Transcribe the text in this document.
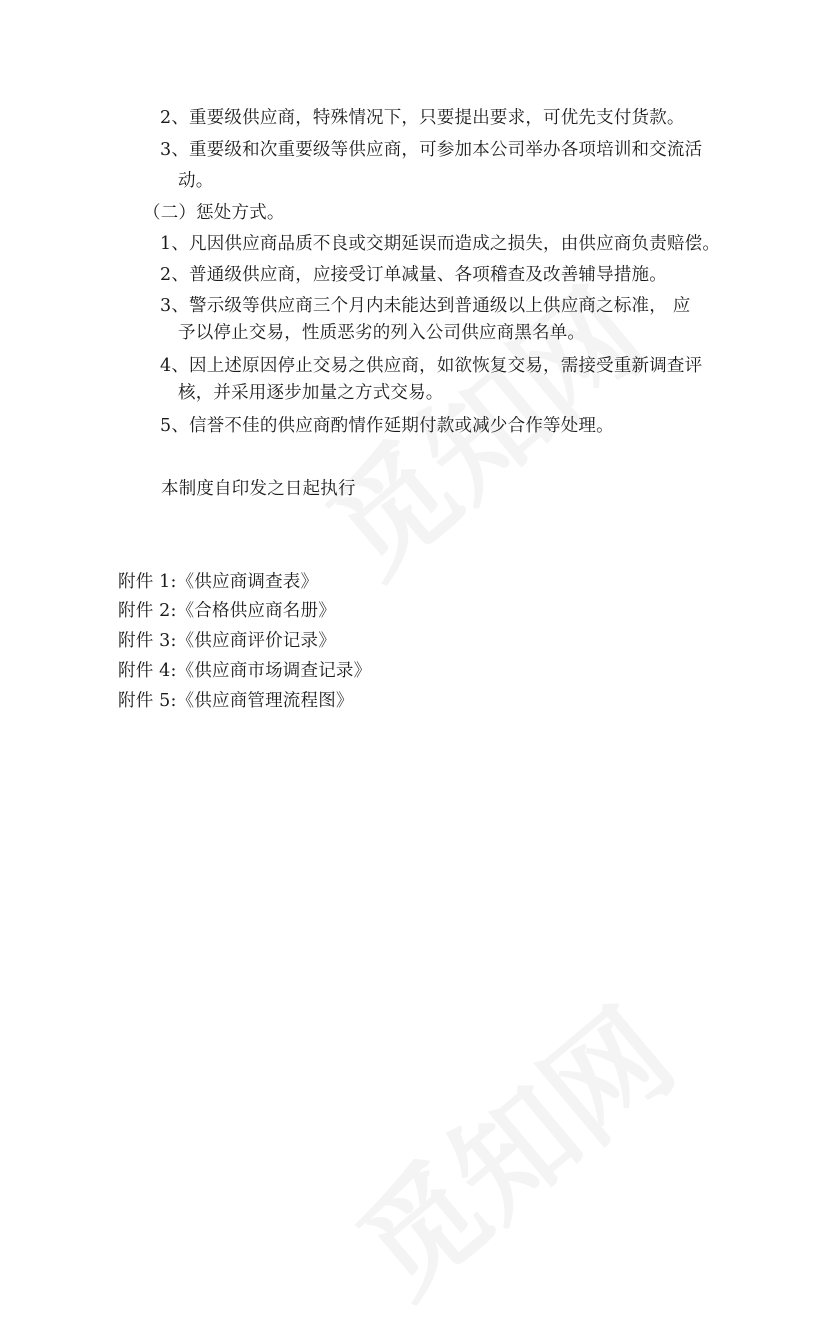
2、重要级供应商，特殊情况下，只要提出要求，可优先支付货款。
3、重要级和次重要级等供应商，可参加本公司举办各项培训和交流活
动。
（二）惩处方式。
1、凡因供应商品质不良或交期延误而造成之损失，由供应商负责赔偿。
2、普通级供应商，应接受订单减量、各项稽查及改善辅导措施。
3、警示级等供应商三个月内未能达到普通级以上供应商之标准， 应
予以停止交易，性质恶劣的列入公司供应商黑名单。
4、因上述原因停止交易之供应商，如欲恢复交易，需接受重新调查评
核，并采用逐步加量之方式交易。
5、信誉不佳的供应商酌情作延期付款或减少合作等处理。
本制度自印发之日起执行
附件 1:《供应商调查表》
附件 2:《合格供应商名册》
附件 3:《供应商评价记录》
附件 4:《供应商市场调查记录》
附件 5:《供应商管理流程图》
